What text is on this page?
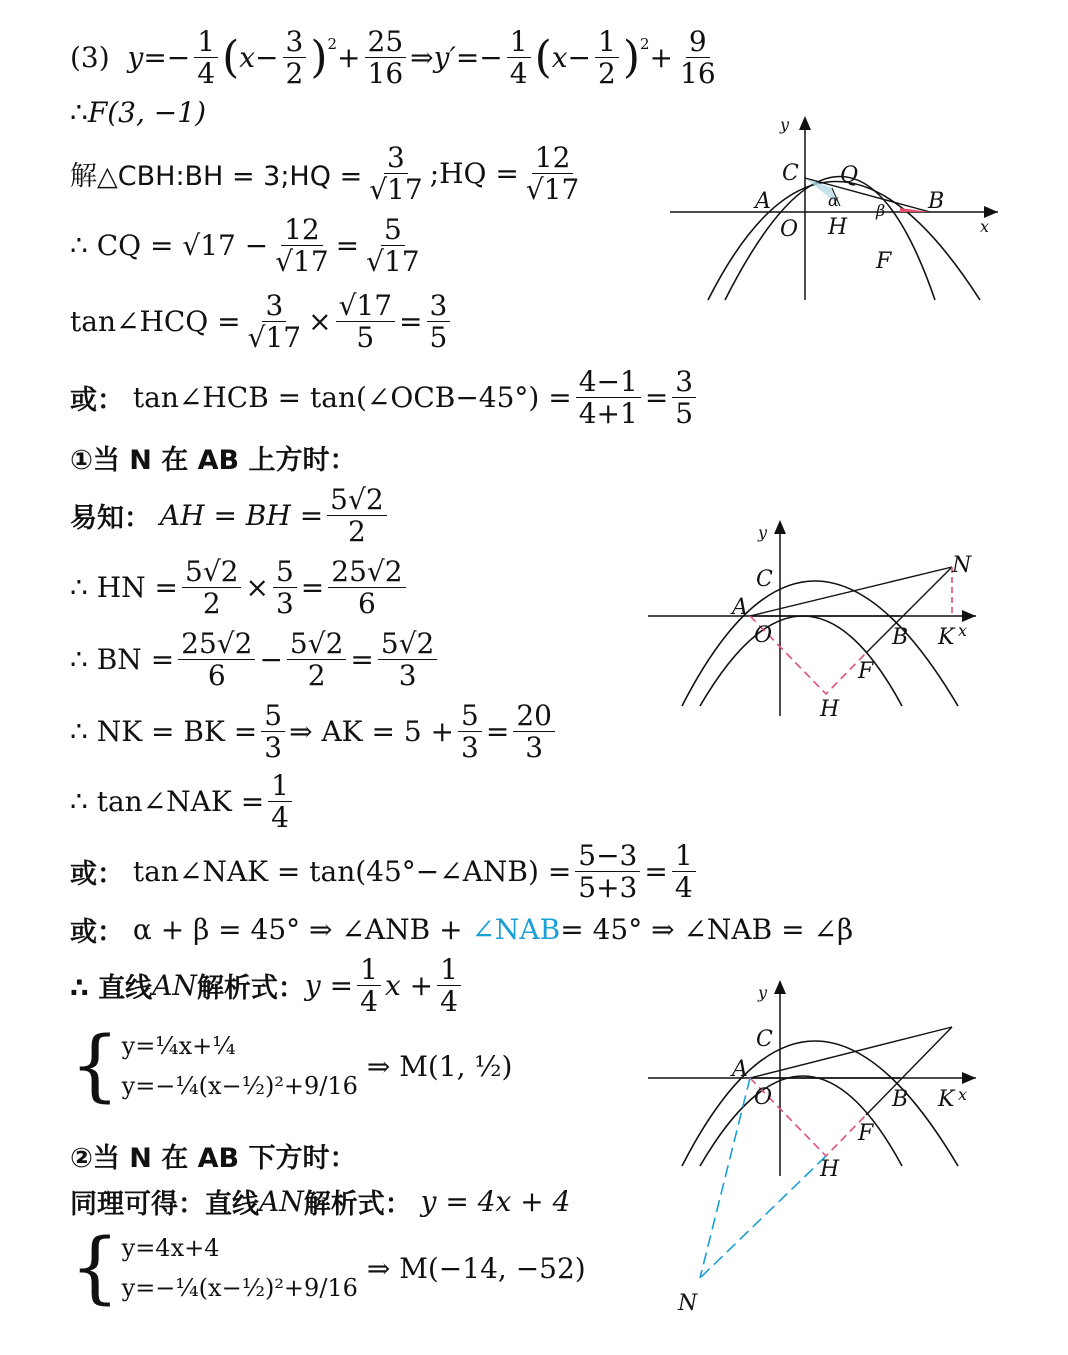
(3)
$y =- \frac{1}{4}$ ( $x - \frac{3}{2}$ ) $2 + \frac{25}{16}$ ⇒ $y' =- \frac{1}{4}$ ( $x - \frac{1}{2}$ ) $2 + \frac{9}{16}$
∴ F(3, −1)
解△CBH:BH = 3;HQ = $\frac{3}{√17}$ ;HQ = $\frac{12}{√17}$
∴ CQ = $√17 - \frac{12}{√17} = \frac{5}{√17}$
tan∠HCQ = $\frac{3}{√17} \times \frac{√17}{5} = \frac{3}{5}$
或：
tan∠HCB = tan(∠OCB−45°) = $\frac{4-1}{4+1} = \frac{3}{5}$
①当 N 在 AB 上方时：
易知：
AH = BH = $\frac{5√2}{2}$
∴ HN = $\frac{5√2}{2} \times \frac{5}{3} = \frac{25√2}{6}$
∴ BN = $\frac{25√2}{6} - \frac{5√2}{2} = \frac{5√2}{3}$
∴ NK = BK = $\frac{5}{3}$ ⇒ AK = $5 + \frac{5}{3} = \frac{20}{3}$
∴ tan∠NAK = $\frac{1}{4}$
或：
tan∠NAK = tan(45°−∠ANB) = $\frac{5-3}{5+3} = \frac{1}{4}$
或：
α + β = 45° ⇒ ∠ANB +
∠NAB = 45° ⇒ ∠NAB = ∠β
∴ 直线 AN 解析式： $y = \frac{1}{4}$ $x + \frac{1}{4}$
{ y=¼x+¼
y=−¼(x−½)²+9/16

⇒ M(1, ½)
②当 N 在 AB 下方时：
同理可得：直线 AN 解析式：
y = 4x + 4
{ y=4x+4
y=−¼(x−½)²+9/16

⇒ M(−14, −52)
y
x
C Q
A	B
O H
F
α
β
y
x
C
A
O	B K
N
F
H
y
x
C
A
O	B K
F
H
N
